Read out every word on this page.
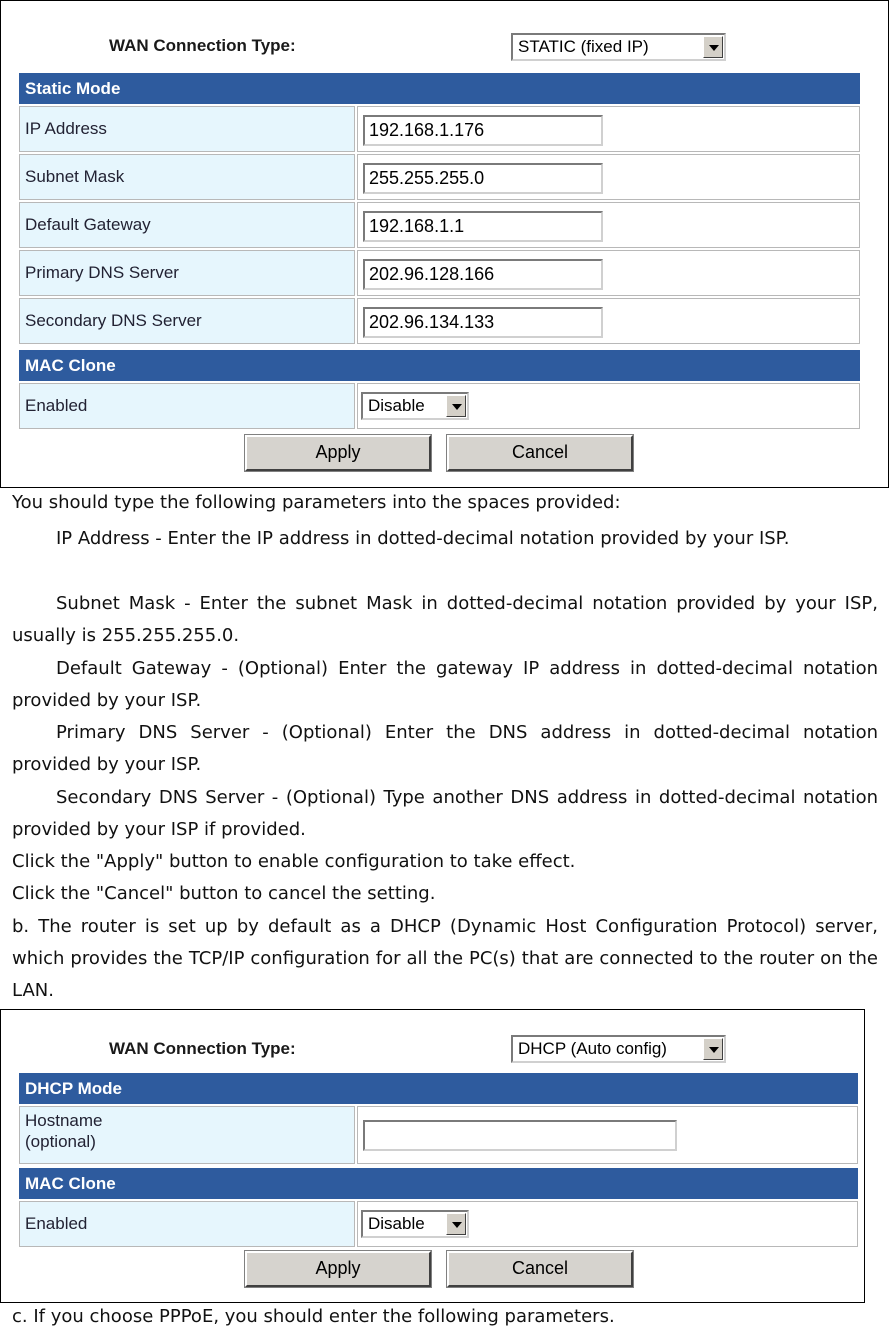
WAN Connection Type:	STATIC (fixed IP)
Static Mode
IP Address	192.168.1.176
Subnet Mask	255.255.255.0
Default Gateway	192.168.1.1
Primary DNS Server	202.96.128.166
Secondary DNS Server	202.96.134.133
MAC Clone
Enabled	Disable
Apply	Cancel
You should type the following parameters into the spaces provided:
IP Address - Enter the IP address in dotted-decimal notation provided by your ISP.
Subnet Mask - Enter the subnet Mask in dotted-decimal notation provided by your ISP, usually is 255.255.255.0.
Default Gateway - (Optional) Enter the gateway IP address in dotted-decimal notation provided by your ISP.
Primary DNS Server - (Optional) Enter the DNS address in dotted-decimal notation provided by your ISP.
Secondary DNS Server - (Optional) Type another DNS address in dotted-decimal notation provided by your ISP if provided.
Click the "Apply" button to enable configuration to take effect.
Click the "Cancel" button to cancel the setting.
b. The router is set up by default as a DHCP (Dynamic Host Configuration Protocol) server, which provides the TCP/IP configuration for all the PC(s) that are connected to the router on the LAN.
WAN Connection Type:	DHCP (Auto config)
DHCP Mode
Hostname
(optional)
MAC Clone
Enabled	Disable
Apply	Cancel
c. If you choose PPPoE, you should enter the following parameters.
